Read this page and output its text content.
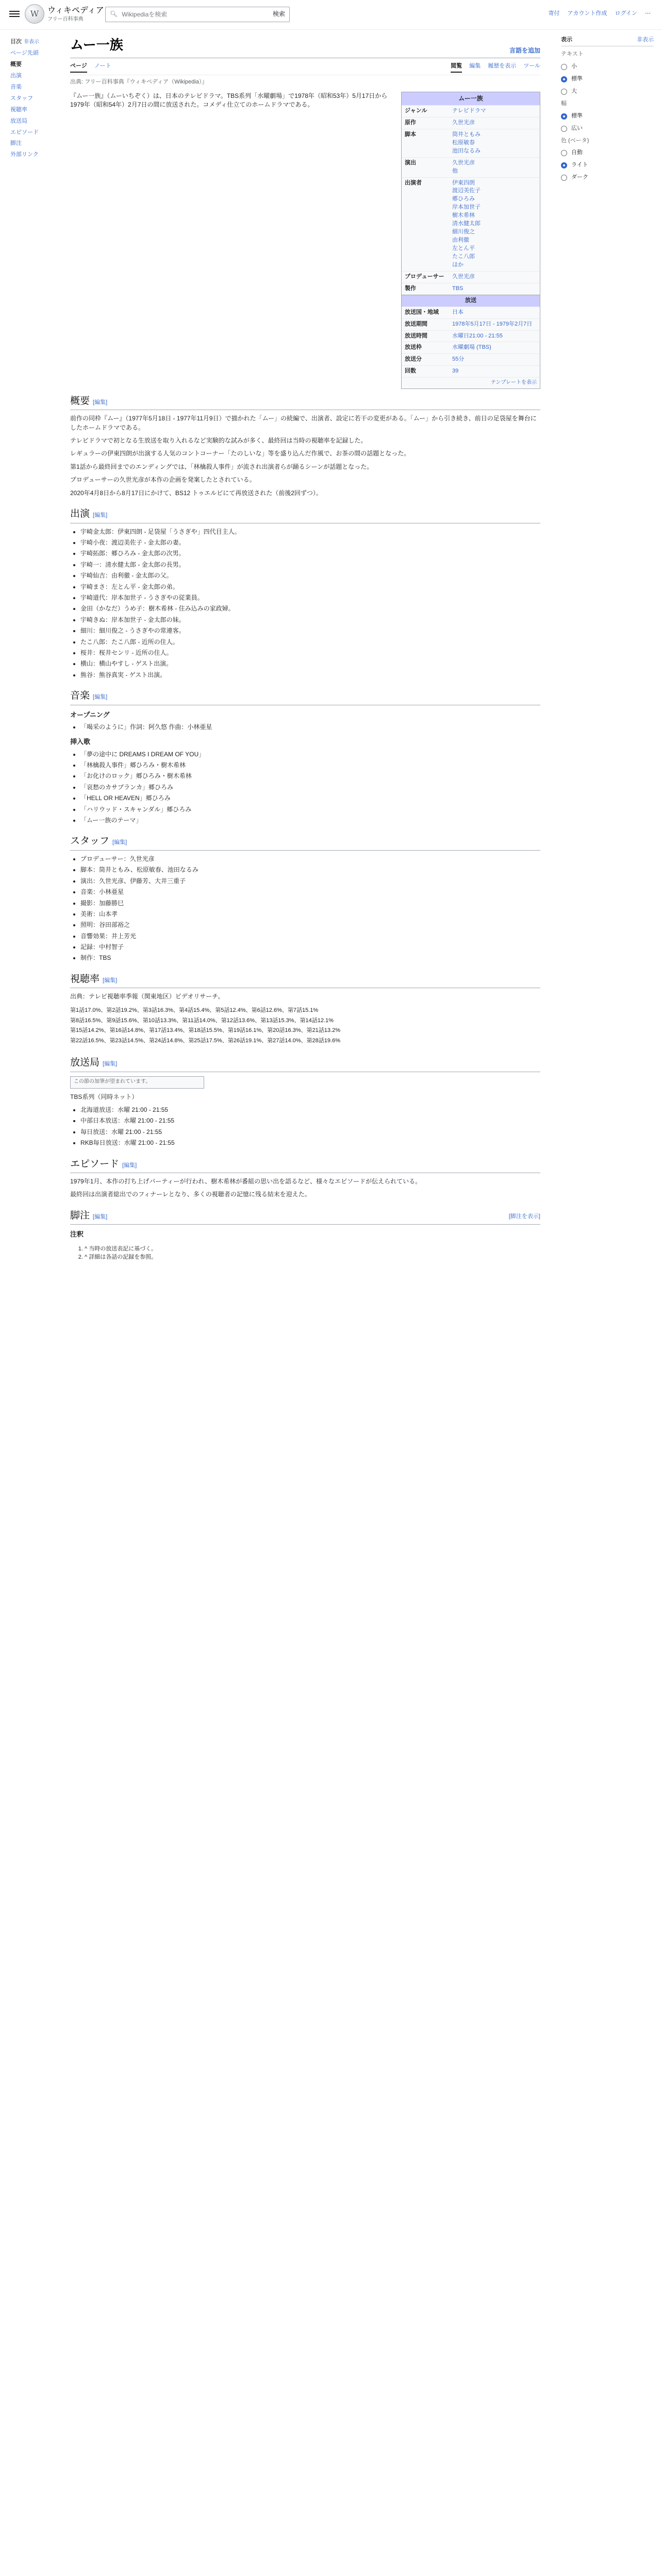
W	ウィキペディア
フリー百科事典
🔍︎
Wikipediaを検索	検索	寄付 アカウント作成 ログイン ⋯
目次 非表示
ページ先頭
概要
出演
音楽
スタッフ
視聴率
放送局
エピソード
脚注
外部リンク
ムー一族	言語を追加
ページ ノート	閲覧 編集 履歴を表示 ツール
出典: フリー百科事典『ウィキペディア（Wikipedia）』
ムー一族
ジャンル	テレビドラマ
原作	久世光彦
脚本	筒井ともみ
松原敏春
池田なるみ
演出	久世光彦
他
出演者	伊東四朗
渡辺美佐子
郷ひろみ
岸本加世子
樹木希林
清水健太郎
細川俊之
由利徹
左とん平
たこ八郎
ほか
プロデューサー	久世光彦
製作	TBS
放送
放送国・地域	日本
放送期間	1978年5月17日 - 1979年2月7日
放送時間	水曜日21:00 - 21:55
放送枠	水曜劇場 (TBS)
放送分	55分
回数	39
テンプレートを表示

『ムー一族』（ムーいちぞく）は、日本のテレビドラマ。TBS系列「水曜劇場」で1978年（昭和53年）5月17日から1979年（昭和54年）2月7日の間に放送された。コメディ仕立てのホームドラマである。

概要 [編集]

前作の同枠『ムー』（1977年5月18日 - 1977年11月9日）で描かれた「ムー」の続編で、出演者、設定に若干の変更がある。「ムー」から引き続き、前日の足袋屋を舞台にしたホームドラマである。

テレビドラマで初となる生放送を取り入れるなど実験的な試みが多く、最終回は当時の視聴率を記録した。

レギュラーの伊東四朗が出演する人気のコントコーナー「たのしいな」等を盛り込んだ作風で、お茶の間の話題となった。

第1話から最終回までのエンディングでは、「林檎殺人事件」が流され出演者らが踊るシーンが話題となった。

プロデューサーの久世光彦が本作の企画を発案したとされている。

2020年4月8日から8月17日にかけて、BS12 トゥエルビにて再放送された（前後2回ずつ）。

出演 [編集]
• 宇崎金太郎：伊東四朗 - 足袋屋「うさぎや」四代目主人。
• 宇崎小夜：渡辺美佐子 - 金太郎の妻。
• 宇崎拓郎：郷ひろみ - 金太郎の次男。
• 宇崎一：清水健太郎 - 金太郎の長男。
• 宇崎仙吉：由利徹 - 金太郎の父。
• 宇崎まさ：左とん平 - 金太郎の弟。
• 宇崎道代：岸本加世子 - うさぎやの従業員。
• 金田（かなだ）うめ子：樹木希林 - 住み込みの家政婦。
• 宇崎きぬ：岸本加世子 - 金太郎の妹。
• 細川：細川俊之 - うさぎやの常連客。
• たこ八郎：たこ八郎 - 近所の住人。
• 桜井：桜井センリ - 近所の住人。
• 横山：横山やすし - ゲスト出演。
• 熊谷：熊谷真実 - ゲスト出演。
音楽 [編集]
オープニング
• 「喝采のように」作詞：阿久悠 作曲：小林亜星
挿入歌
• 「夢の途中に DREAMS I DREAM OF YOU」
• 「林檎殺人事件」郷ひろみ・樹木希林
• 「お化けのロック」郷ひろみ・樹木希林
• 「哀愁のカサブランカ」郷ひろみ
• 「HELL OR HEAVEN」郷ひろみ
• 「ハリウッド・スキャンダル」郷ひろみ
• 「ムー一族のテーマ」
スタッフ [編集]
• プロデューサー：久世光彦
• 脚本：筒井ともみ、松原敏春、池田なるみ
• 演出：久世光彦、伊藤芳、大井三重子
• 音楽：小林亜星
• 撮影：加藤勝巳
• 美術：山本孝
• 照明：谷田部裕之
• 音響効果：井上芳光
• 記録：中村智子
• 制作：TBS
視聴率 [編集]

出典：テレビ視聴率季報（関東地区）ビデオリサーチ。

第1話17.0%、第2話19.2%、第3話16.3%、第4話15.4%、第5話12.4%、第6話12.6%、第7話15.1%
第8話16.5%、第9話15.6%、第10話13.3%、第11話14.0%、第12話13.6%、第13話15.3%、第14話12.1%
第15話14.2%、第16話14.8%、第17話13.4%、第18話15.5%、第19話16.1%、第20話16.3%、第21話13.2%
第22話16.5%、第23話14.5%、第24話14.8%、第25話17.5%、第26話19.1%、第27話14.0%、第28話19.6%
放送局 [編集]
この節の加筆が望まれています。

TBS系列（同時ネット）

• 北海道放送：水曜 21:00 - 21:55
• 中部日本放送：水曜 21:00 - 21:55
• 毎日放送：水曜 21:00 - 21:55
• RKB毎日放送：水曜 21:00 - 21:55
エピソード [編集]

1979年1月、本作の打ち上げパーティーが行われ、樹木希林が番組の思い出を語るなど、様々なエピソードが伝えられている。

最終回は出演者総出でのフィナーレとなり、多くの視聴者の記憶に残る結末を迎えた。

脚注 [編集]	[脚注を表示]
注釈
1. ^ 当時の放送表記に基づく。
2. ^ 詳細は各話の記録を参照。
表示	非表示
テキスト
小
標準
大
幅
標準
広い
色 (ベータ)
自動
ライト
ダーク
